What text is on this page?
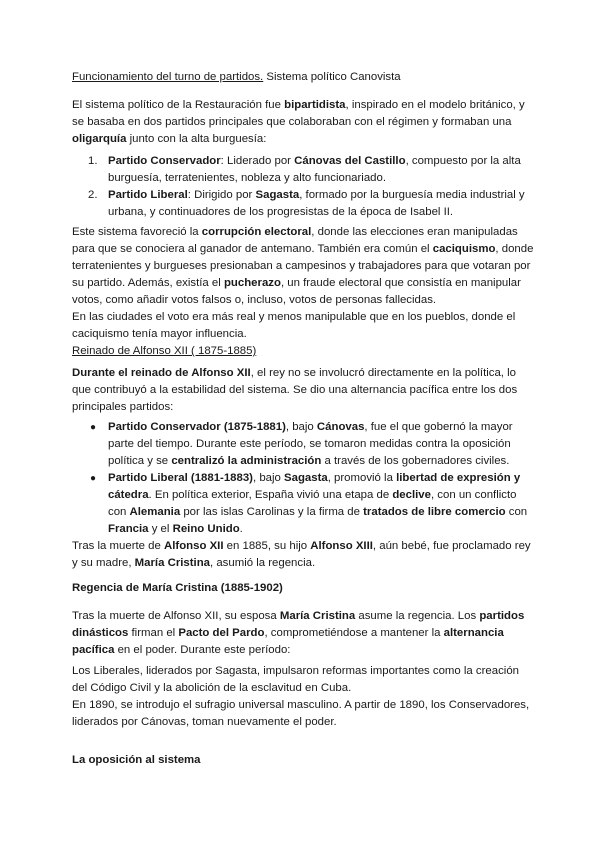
Funcionamiento del turno de partidos. Sistema político Canovista

El sistema político de la Restauración fue bipartidista, inspirado en el modelo británico, y se basaba en dos partidos principales que colaboraban con el régimen y formaban una oligarquía junto con la alta burguesía:

1. Partido Conservador: Liderado por Cánovas del Castillo, compuesto por la alta burguesía, terratenientes, nobleza y alto funcionariado.
2. Partido Liberal: Dirigido por Sagasta, formado por la burguesía media industrial y urbana, y continuadores de los progresistas de la época de Isabel II.

Este sistema favoreció la corrupción electoral, donde las elecciones eran manipuladas para que se conociera al ganador de antemano. También era común el caciquismo, donde terratenientes y burgueses presionaban a campesinos y trabajadores para que votaran por su partido. Además, existía el pucherazo, un fraude electoral que consistía en manipular votos, como añadir votos falsos o, incluso, votos de personas fallecidas.
En las ciudades el voto era más real y menos manipulable que en los pueblos, donde el caciquismo tenía mayor influencia.

Reinado de Alfonso XII ( 1875-1885)

Durante el reinado de Alfonso XII, el rey no se involucró directamente en la política, lo que contribuyó a la estabilidad del sistema. Se dio una alternancia pacífica entre los dos principales partidos:

● Partido Conservador (1875-1881), bajo Cánovas, fue el que gobernó la mayor parte del tiempo. Durante este período, se tomaron medidas contra la oposición política y se centralizó la administración a través de los gobernadores civiles.
● Partido Liberal (1881-1883), bajo Sagasta, promovió la libertad de expresión y cátedra. En política exterior, España vivió una etapa de declive, con un conflicto con Alemania por las islas Carolinas y la firma de tratados de libre comercio con Francia y el Reino Unido.

Tras la muerte de Alfonso XII en 1885, su hijo Alfonso XIII, aún bebé, fue proclamado rey y su madre, María Cristina, asumió la regencia.

Regencia de María Cristina (1885-1902)

Tras la muerte de Alfonso XII, su esposa María Cristina asume la regencia. Los partidos dinásticos firman el Pacto del Pardo, comprometiéndose a mantener la alternancia pacífica en el poder. Durante este período:

Los Liberales, liderados por Sagasta, impulsaron reformas importantes como la creación del Código Civil y la abolición de la esclavitud en Cuba.
En 1890, se introdujo el sufragio universal masculino. A partir de 1890, los Conservadores, liderados por Cánovas, toman nuevamente el poder.

La oposición al sistema
